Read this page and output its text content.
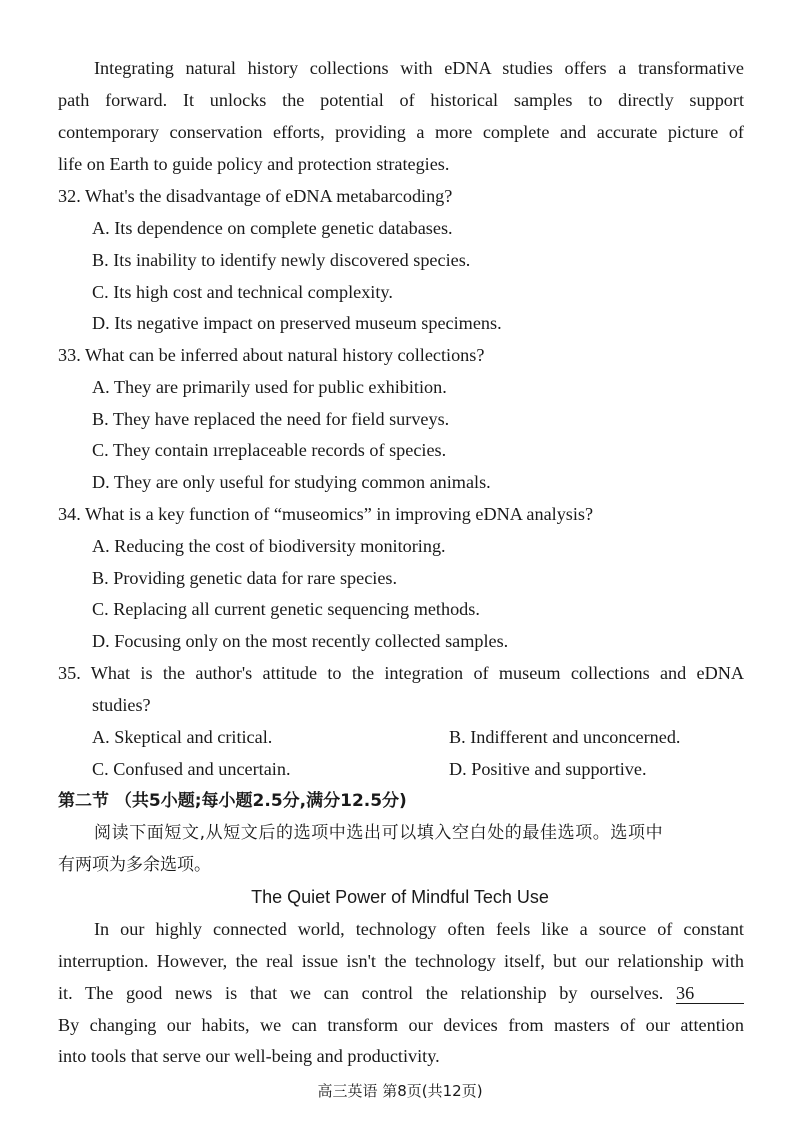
Integrating natural history collections with eDNA studies offers a transformative
path forward. It unlocks the potential of historical samples to directly support
contemporary conservation efforts, providing a more complete and accurate picture of
life on Earth to guide policy and protection strategies.
32. What's the disadvantage of eDNA metabarcoding?
A. Its dependence on complete genetic databases.
B. Its inability to identify newly discovered species.
C. Its high cost and technical complexity.
D. Its negative impact on preserved museum specimens.
33. What can be inferred about natural history collections?
A. They are primarily used for public exhibition.
B. They have replaced the need for field surveys.
C. They contain ırreplaceable records of species.
D. They are only useful for studying common animals.
34. What is a key function of “museomics” in improving eDNA analysis?
A. Reducing the cost of biodiversity monitoring.
B. Providing genetic data for rare species.
C. Replacing all current genetic sequencing methods.
D. Focusing only on the most recently collected samples.
35. What is the author's attitude to the integration of museum collections and eDNA
studies?
A. Skeptical and critical.	B. Indifferent and unconcerned.
C. Confused and uncertain.	D. Positive and supportive.
第二节 （共5小题;每小题2.5分,满分12.5分)
阅读下面短文,从短文后的选项中选出可以填入空白处的最佳选项。选项中
有两项为多余选项。
The Quiet Power of Mindful Tech Use
In our highly connected world, technology often feels like a source of constant
interruption. However, the real issue isn't the technology itself, but our relationship with
it. The good news is that we can control the relationship by ourselves. 36
By changing our habits, we can transform our devices from masters of our attention
into tools that serve our well-being and productivity.
高三英语 第8页(共12页)
